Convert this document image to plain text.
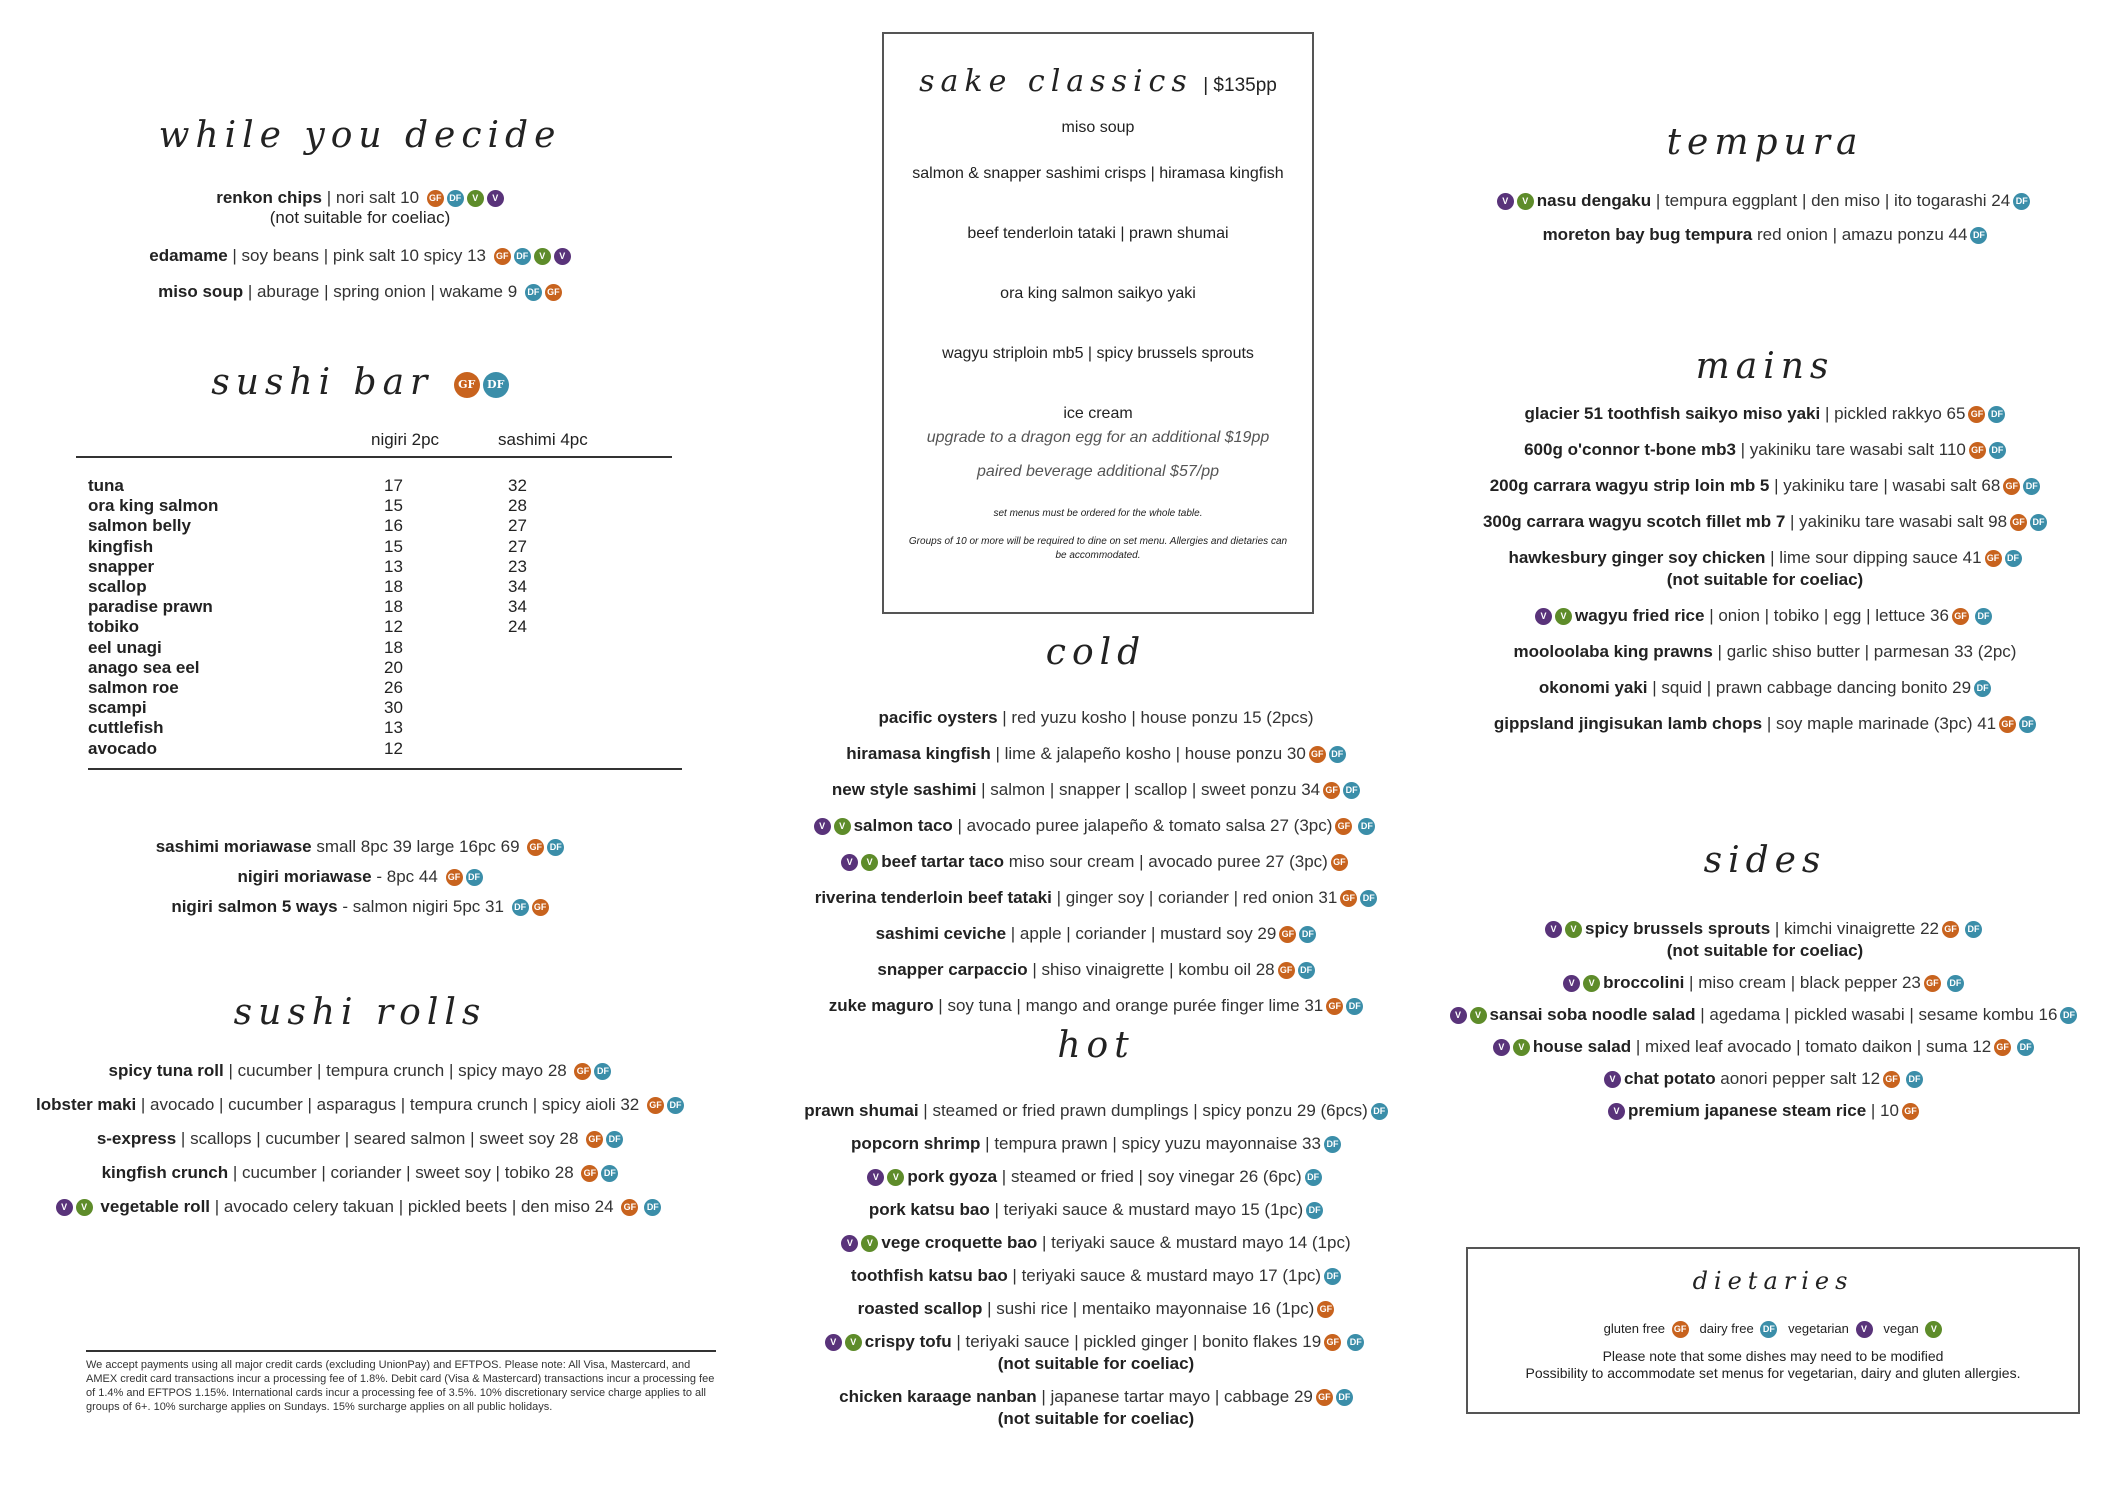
while you decide

renkon chips | nori salt 10 GF DF V V
(not suitable for coeliac)

edamame | soy beans | pink salt 10 spicy 13 GF DF V V

miso soup | aburage | spring onion | wakame 9 DF GF

sushi bar GF DF
nigiri 2pc	sashimi 4pc
tuna	17	32
ora king salmon	15	28
salmon belly	16	27
kingfish	15	27
snapper	13	23
scallop	18	34
paradise prawn	18	34
tobiko	12	24
eel unagi	18
anago sea eel	20
salmon roe	26
scampi	30
cuttlefish	13
avocado	12

sashimi moriawase small 8pc 39 large 16pc 69 GF DF

nigiri moriawase - 8pc 44 GF DF

nigiri salmon 5 ways - salmon nigiri 5pc 31 DF GF

sushi rolls

spicy tuna roll | cucumber | tempura crunch | spicy mayo 28 GF DF

lobster maki | avocado | cucumber | asparagus | tempura crunch | spicy aioli 32 GF DF

s-express | scallops | cucumber | seared salmon | sweet soy 28 GF DF

kingfish crunch | cucumber | coriander | sweet soy | tobiko 28 GF DF

V V vegetable roll | avocado celery takuan | pickled beets | den miso 24 GF DF

We accept payments using all major credit cards (excluding UnionPay) and EFTPOS. Please note: All Visa, Mastercard, and AMEX credit card transactions incur a processing fee of 1.8%. Debit card (Visa & Mastercard) transactions incur a processing fee of 1.4% and EFTPOS 1.15%. International cards incur a processing fee of 3.5%. 10% discretionary service charge applies to all groups of 6+. 10% surcharge applies on Sundays. 15% surcharge applies on all public holidays.
sake classics | $135pp
miso soup
salmon & snapper sashimi crisps | hiramasa kingfish
beef tenderloin tataki | prawn shumai
ora king salmon saikyo yaki
wagyu striploin mb5 | spicy brussels sprouts
ice cream
upgrade to a dragon egg for an additional $19pp
paired beverage additional $57/pp
set menus must be ordered for the whole table.
Groups of 10 or more will be required to dine on set menu. Allergies and dietaries can be accommodated.
cold

pacific oysters | red yuzu kosho | house ponzu 15 (2pcs)

hiramasa kingfish | lime & jalapeño kosho | house ponzu 30 GF DF

new style sashimi | salmon | snapper | scallop | sweet ponzu 34 GF DF

V V salmon taco | avocado puree jalapeño & tomato salsa 27 (3pc) GF DF

V V beef tartar taco miso sour cream | avocado puree 27 (3pc) GF

riverina tenderloin beef tataki | ginger soy | coriander | red onion 31 GF DF

sashimi ceviche | apple | coriander | mustard soy 29 GF DF

snapper carpaccio | shiso vinaigrette | kombu oil 28 GF DF

zuke maguro | soy tuna | mango and orange purée finger lime 31 GF DF

hot

prawn shumai | steamed or fried prawn dumplings | spicy ponzu 29 (6pcs) DF

popcorn shrimp | tempura prawn | spicy yuzu mayonnaise 33 DF

V V pork gyoza | steamed or fried | soy vinegar 26 (6pc) DF

pork katsu bao | teriyaki sauce & mustard mayo 15 (1pc) DF

V V vege croquette bao | teriyaki sauce & mustard mayo 14 (1pc)

toothfish katsu bao | teriyaki sauce & mustard mayo 17 (1pc) DF

roasted scallop | sushi rice | mentaiko mayonnaise 16 (1pc) GF

V V crispy tofu | teriyaki sauce | pickled ginger | bonito flakes 19 GF DF
(not suitable for coeliac)

chicken karaage nanban | japanese tartar mayo | cabbage 29 GF DF
(not suitable for coeliac)

tempura

V V nasu dengaku | tempura eggplant | den miso | ito togarashi 24 DF

moreton bay bug tempura red onion | amazu ponzu 44 DF

mains

glacier 51 toothfish saikyo miso yaki | pickled rakkyo 65 GF DF

600g o'connor t-bone mb3 | yakiniku tare wasabi salt 110 GF DF

200g carrara wagyu strip loin mb 5 | yakiniku tare | wasabi salt 68 GF DF

300g carrara wagyu scotch fillet mb 7 | yakiniku tare wasabi salt 98 GF DF

hawkesbury ginger soy chicken | lime sour dipping sauce 41 GF DF
(not suitable for coeliac)

V V wagyu fried rice | onion | tobiko | egg | lettuce 36 GF DF

mooloolaba king prawns | garlic shiso butter | parmesan 33 (2pc)

okonomi yaki | squid | prawn cabbage dancing bonito 29 DF

gippsland jingisukan lamb chops | soy maple marinade (3pc) 41 GF DF

sides

V V spicy brussels sprouts | kimchi vinaigrette 22 GF DF
(not suitable for coeliac)

V V broccolini | miso cream | black pepper 23 GF DF

V V sansai soba noodle salad | agedama | pickled wasabi | sesame kombu 16 DF

V V house salad | mixed leaf avocado | tomato daikon | suma 12 GF DF

V chat potato aonori pepper salt 12 GF DF

V premium japanese steam rice | 10 GF

dietaries
gluten free GF dairy free DF vegetarian V vegan V
Please note that some dishes may need to be modified
Possibility to accommodate set menus for vegetarian, dairy and gluten allergies.
